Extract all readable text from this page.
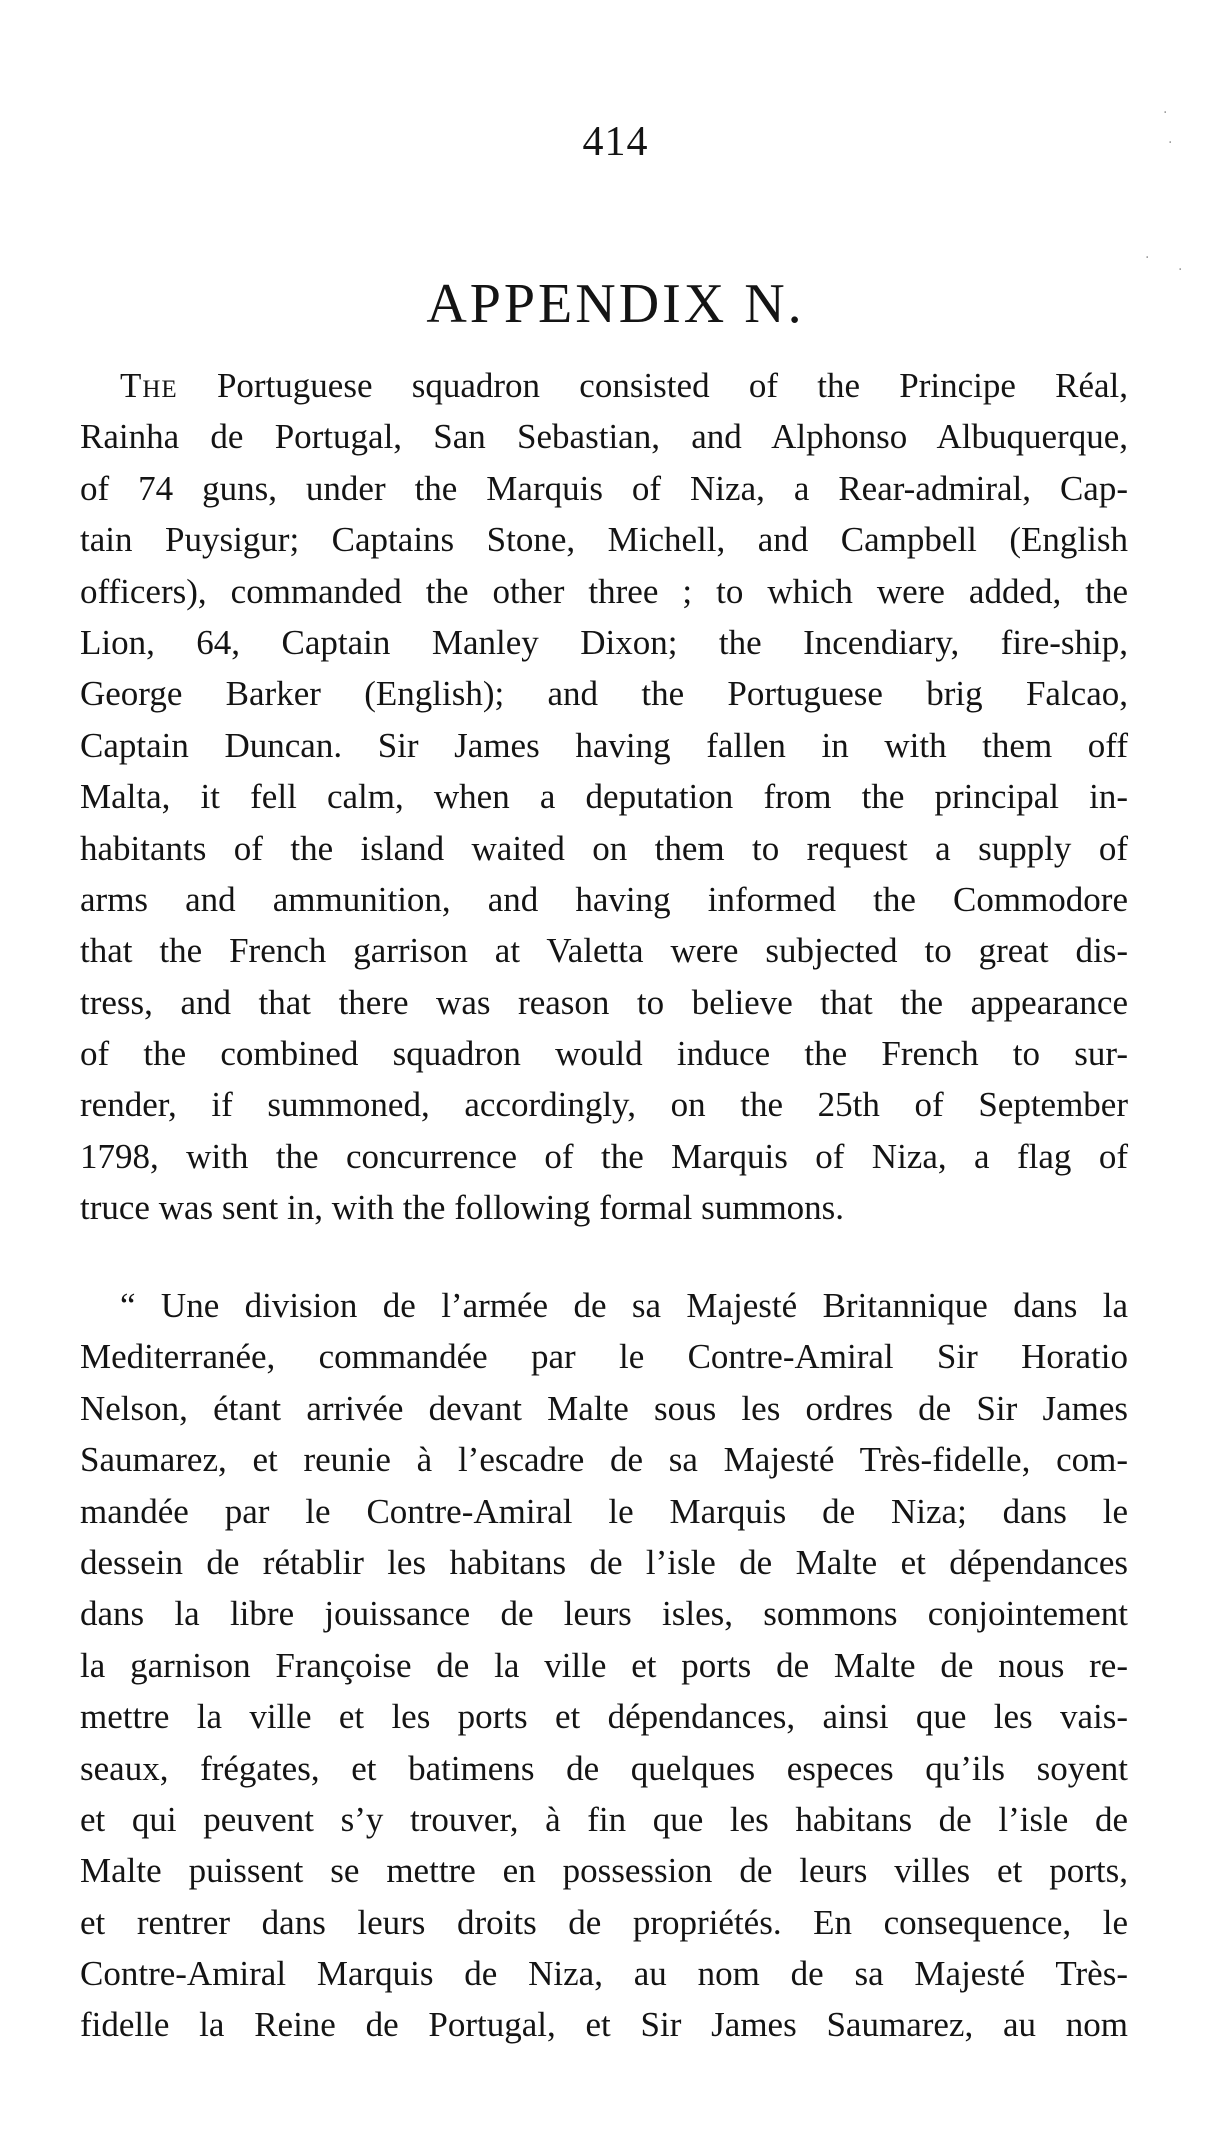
414

APPENDIX N.
The Portuguese squadron consisted of the Principe Réal,
Rainha de Portugal, San Sebastian, and Alphonso Albuquerque,
of 74 guns, under the Marquis of Niza, a Rear-admiral, Cap-
tain Puysigur; Captains Stone, Michell, and Campbell (English
officers), commanded the other three ; to which were added, the
Lion, 64, Captain Manley Dixon; the Incendiary, fire-ship,
George Barker (English); and the Portuguese brig Falcao,
Captain Duncan. Sir James having fallen in with them off
Malta, it fell calm, when a deputation from the principal in-
habitants of the island waited on them to request a supply of
arms and ammunition, and having informed the Commodore
that the French garrison at Valetta were subjected to great dis-
tress, and that there was reason to believe that the appearance
of the combined squadron would induce the French to sur-
render, if summoned, accordingly, on the 25th of September
1798, with the concurrence of the Marquis of Niza, a flag of
truce was sent in, with the following formal summons.
“ Une division de l’armée de sa Majesté Britannique dans la
Mediterranée, commandée par le Contre-Amiral Sir Horatio
Nelson, étant arrivée devant Malte sous les ordres de Sir James
Saumarez, et reunie à l’escadre de sa Majesté Très-fidelle, com-
mandée par le Contre-Amiral le Marquis de Niza; dans le
dessein de rétablir les habitans de l’isle de Malte et dépendances
dans la libre jouissance de leurs isles, sommons conjointement
la garnison Françoise de la ville et ports de Malte de nous re-
mettre la ville et les ports et dépendances, ainsi que les vais-
seaux, frégates, et batimens de quelques especes qu’ils soyent
et qui peuvent s’y trouver, à fin que les habitans de l’isle de
Malte puissent se mettre en possession de leurs villes et ports,
et rentrer dans leurs droits de propriétés. En consequence, le
Contre-Amiral Marquis de Niza, au nom de sa Majesté Très-
fidelle la Reine de Portugal, et Sir James Saumarez, au nom
·
·
·
·
